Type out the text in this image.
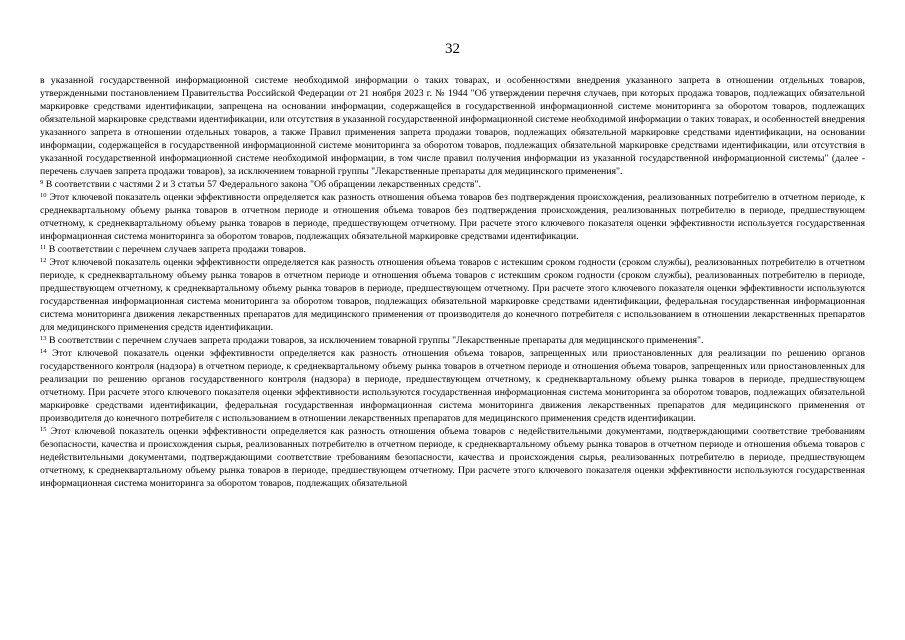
32

в указанной государственной информационной системе необходимой информации о таких товарах, и особенностями внедрения указанного запрета в отношении отдельных товаров, утвержденными постановлением Правительства Российской Федерации от 21 ноября 2023 г. № 1944 "Об утверждении перечня случаев, при которых продажа товаров, подлежащих обязательной маркировке средствами идентификации, запрещена на основании информации, содержащейся в государственной информационной системе мониторинга за оборотом товаров, подлежащих обязательной маркировке средствами идентификации, или отсутствия в указанной государственной информационной системе необходимой информации о таких товарах, и особенностей внедрения указанного запрета в отношении отдельных товаров, а также Правил применения запрета продажи товаров, подлежащих обязательной маркировке средствами идентификации, на основании информации, содержащейся в государственной информационной системе мониторинга за оборотом товаров, подлежащих обязательной маркировке средствами идентификации, или отсутствия в указанной государственной информационной системе необходимой информации, в том числе правил получения информации из указанной государственной информационной системы" (далее - перечень случаев запрета продажи товаров), за исключением товарной группы "Лекарственные препараты для медицинского применения".

$^9$ В соответствии с частями 2 и 3 статьи 57 Федерального закона "Об обращении лекарственных средств".

$^{10}$ Этот ключевой показатель оценки эффективности определяется как разность отношения объема товаров без подтверждения происхождения, реализованных потребителю в отчетном периоде, к среднеквартальному объему рынка товаров в отчетном периоде и отношения объема товаров без подтверждения происхождения, реализованных потребителю в периоде, предшествующем отчетному, к среднеквартальному объему рынка товаров в периоде, предшествующем отчетному. При расчете этого ключевого показателя оценки эффективности используется государственная информационная система мониторинга за оборотом товаров, подлежащих обязательной маркировке средствами идентификации.

$^{11}$ В соответствии с перечнем случаев запрета продажи товаров.

$^{12}$ Этот ключевой показатель оценки эффективности определяется как разность отношения объема товаров с истекшим сроком годности (сроком службы), реализованных потребителю в отчетном периоде, к среднеквартальному объему рынка товаров в отчетном периоде и отношения объема товаров с истекшим сроком годности (сроком службы), реализованных потребителю в периоде, предшествующем отчетному, к среднеквартальному объему рынка товаров в периоде, предшествующем отчетному. При расчете этого ключевого показателя оценки эффективности используются государственная информационная система мониторинга за оборотом товаров, подлежащих обязательной маркировке средствами идентификации, федеральная государственная информационная система мониторинга движения лекарственных препаратов для медицинского применения от производителя до конечного потребителя с использованием в отношении лекарственных препаратов для медицинского применения средств идентификации.

$^{13}$ В соответствии с перечнем случаев запрета продажи товаров, за исключением товарной группы "Лекарственные препараты для медицинского применения".

$^{14}$ Этот ключевой показатель оценки эффективности определяется как разность отношения объема товаров, запрещенных или приостановленных для реализации по решению органов государственного контроля (надзора) в отчетном периоде, к среднеквартальному объему рынка товаров в отчетном периоде и отношения объема товаров, запрещенных или приостановленных для реализации по решению органов государственного контроля (надзора) в периоде, предшествующем отчетному, к среднеквартальному объему рынка товаров в периоде, предшествующем отчетному. При расчете этого ключевого показателя оценки эффективности используются государственная информационная система мониторинга за оборотом товаров, подлежащих обязательной маркировке средствами идентификации, федеральная государственная информационная система мониторинга движения лекарственных препаратов для медицинского применения от производителя до конечного потребителя с использованием в отношении лекарственных препаратов для медицинского применения средств идентификации.

$^{15}$ Этот ключевой показатель оценки эффективности определяется как разность отношения объема товаров с недействительными документами, подтверждающими соответствие требованиям безопасности, качества и происхождения сырья, реализованных потребителю в отчетном периоде, к среднеквартальному объему рынка товаров в отчетном периоде и отношения объема товаров с недействительными документами, подтверждающими соответствие требованиям безопасности, качества и происхождения сырья, реализованных потребителю в периоде, предшествующем отчетному, к среднеквартальному объему рынка товаров в периоде, предшествующем отчетному. При расчете этого ключевого показателя оценки эффективности используются государственная информационная система мониторинга за оборотом товаров, подлежащих обязательной
